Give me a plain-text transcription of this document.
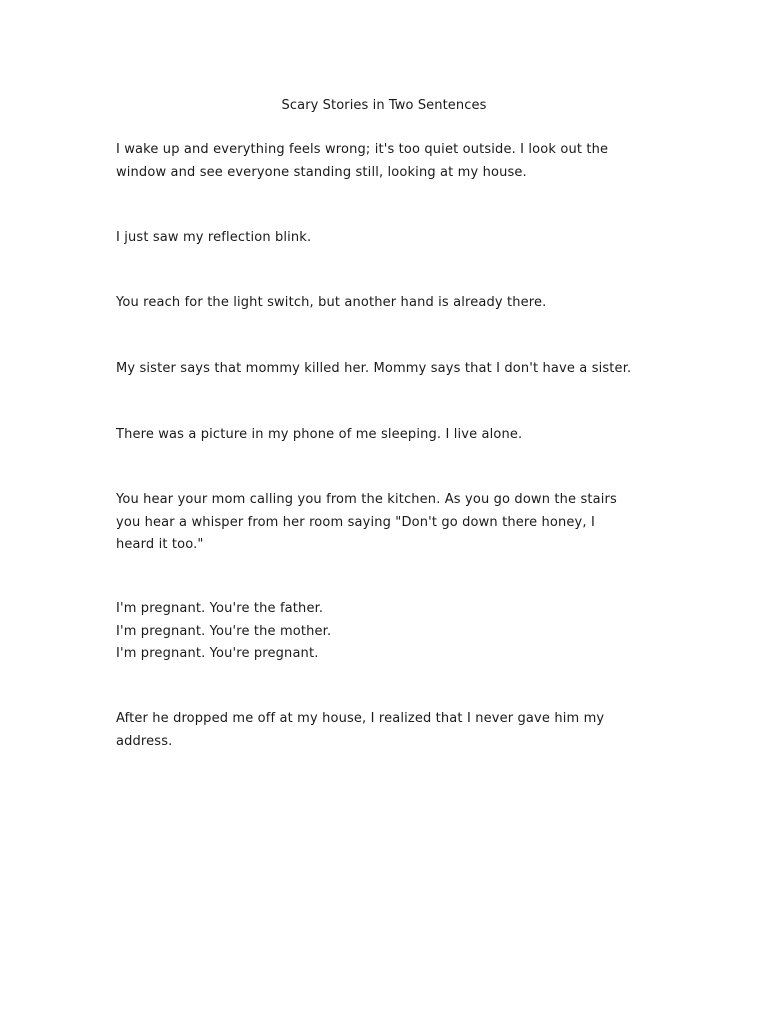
Scary Stories in Two Sentences
I wake up and everything feels wrong; it's too quiet outside. I look out the
window and see everyone standing still, looking at my house.
I just saw my reflection blink.
You reach for the light switch, but another hand is already there.
My sister says that mommy killed her. Mommy says that I don't have a sister.
There was a picture in my phone of me sleeping. I live alone.
You hear your mom calling you from the kitchen. As you go down the stairs
you hear a whisper from her room saying "Don't go down there honey, I
heard it too."
I'm pregnant. You're the father.
I'm pregnant. You're the mother.
I'm pregnant. You're pregnant.
After he dropped me off at my house, I realized that I never gave him my
address.
